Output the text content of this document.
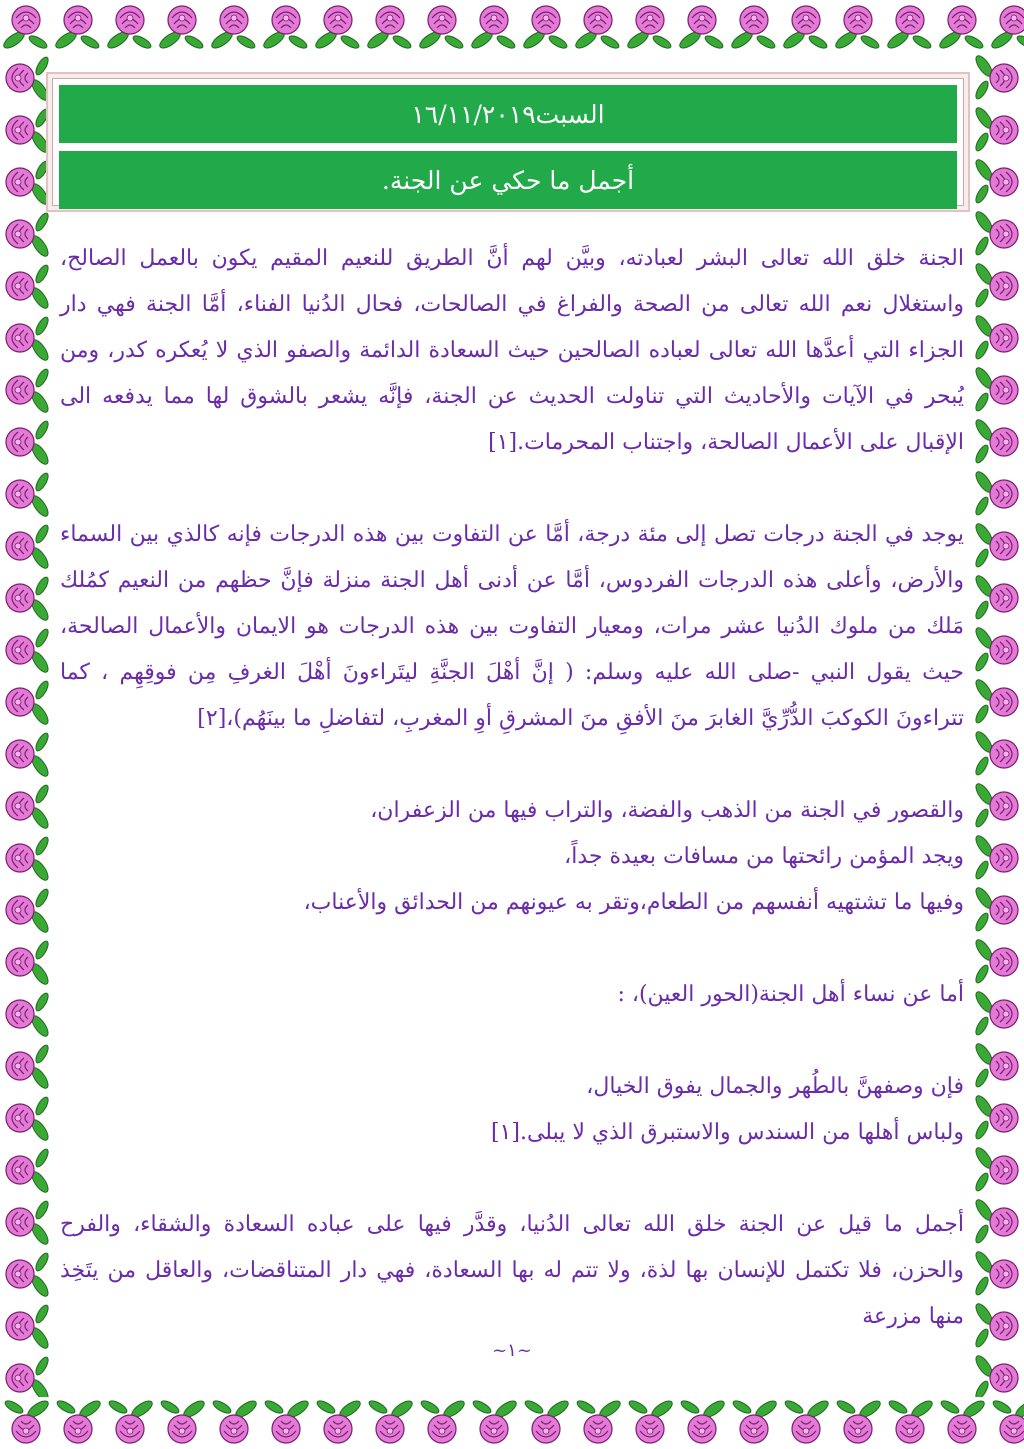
السبت١٦/١١/٢٠١٩
أجمل ما حكي عن الجنة.

الجنة خلق الله تعالى البشر لعبادته، وبيَّن لهم أنَّ الطريق للنعيم المقيم يكون بالعمل الصالح، واستغلال نعم الله تعالى من الصحة والفراغ في الصالحات، فحال الدُنيا الفناء، أمَّا الجنة فهي دار الجزاء التي أعدَّها الله تعالى لعباده الصالحين حيث السعادة الدائمة والصفو الذي لا يُعكره كدر، ومن يُبحر في الآيات والأحاديث التي تناولت الحديث عن الجنة، فإنَّه يشعر بالشوق لها مما يدفعه الى الإقبال على الأعمال الصالحة، واجتناب المحرمات.[١]

يوجد في الجنة درجات تصل إلى مئة درجة، أمَّا عن التفاوت بين هذه الدرجات فإنه كالذي بين السماء والأرض، وأعلى هذه الدرجات الفردوس، أمَّا عن أدنى أهل الجنة منزلة فإنَّ حظهم من النعيم كمُلك مَلك من ملوك الدُنيا عشر مرات، ومعيار التفاوت بين هذه الدرجات هو الايمان والأعمال الصالحة، حيث يقول النبي -صلى الله عليه وسلم: ( إنَّ أهْلَ الجنَّةِ ليتَراءونَ أهْلَ الغرفِ مِن فوقِهِم ، كما تتراءونَ الكوكبَ الدُّرِّيَّ الغابرَ منَ الأفقِ منَ المشرقِ أوِ المغربِ، لتفاضلِ ما بينَهُم)،[٢]

والقصور في الجنة من الذهب والفضة، والتراب فيها من الزعفران،

ويجد المؤمن رائحتها من مسافات بعيدة جداً،

وفيها ما تشتهيه أنفسهم من الطعام،وتقر به عيونهم من الحدائق والأعناب،

أما عن نساء أهل الجنة(الحور العين)، :

فإن وصفهنَّ بالطُهر والجمال يفوق الخيال،

ولباس أهلها من السندس والاستبرق الذي لا يبلى.[١]

أجمل ما قيل عن الجنة خلق الله تعالى الدُنيا، وقدَّر فيها على عباده السعادة والشقاء، والفرح والحزن، فلا تكتمل للإنسان بها لذة، ولا تتم له بها السعادة، فهي دار المتناقضات، والعاقل من يتَخِذ منها مزرعة

~١~
